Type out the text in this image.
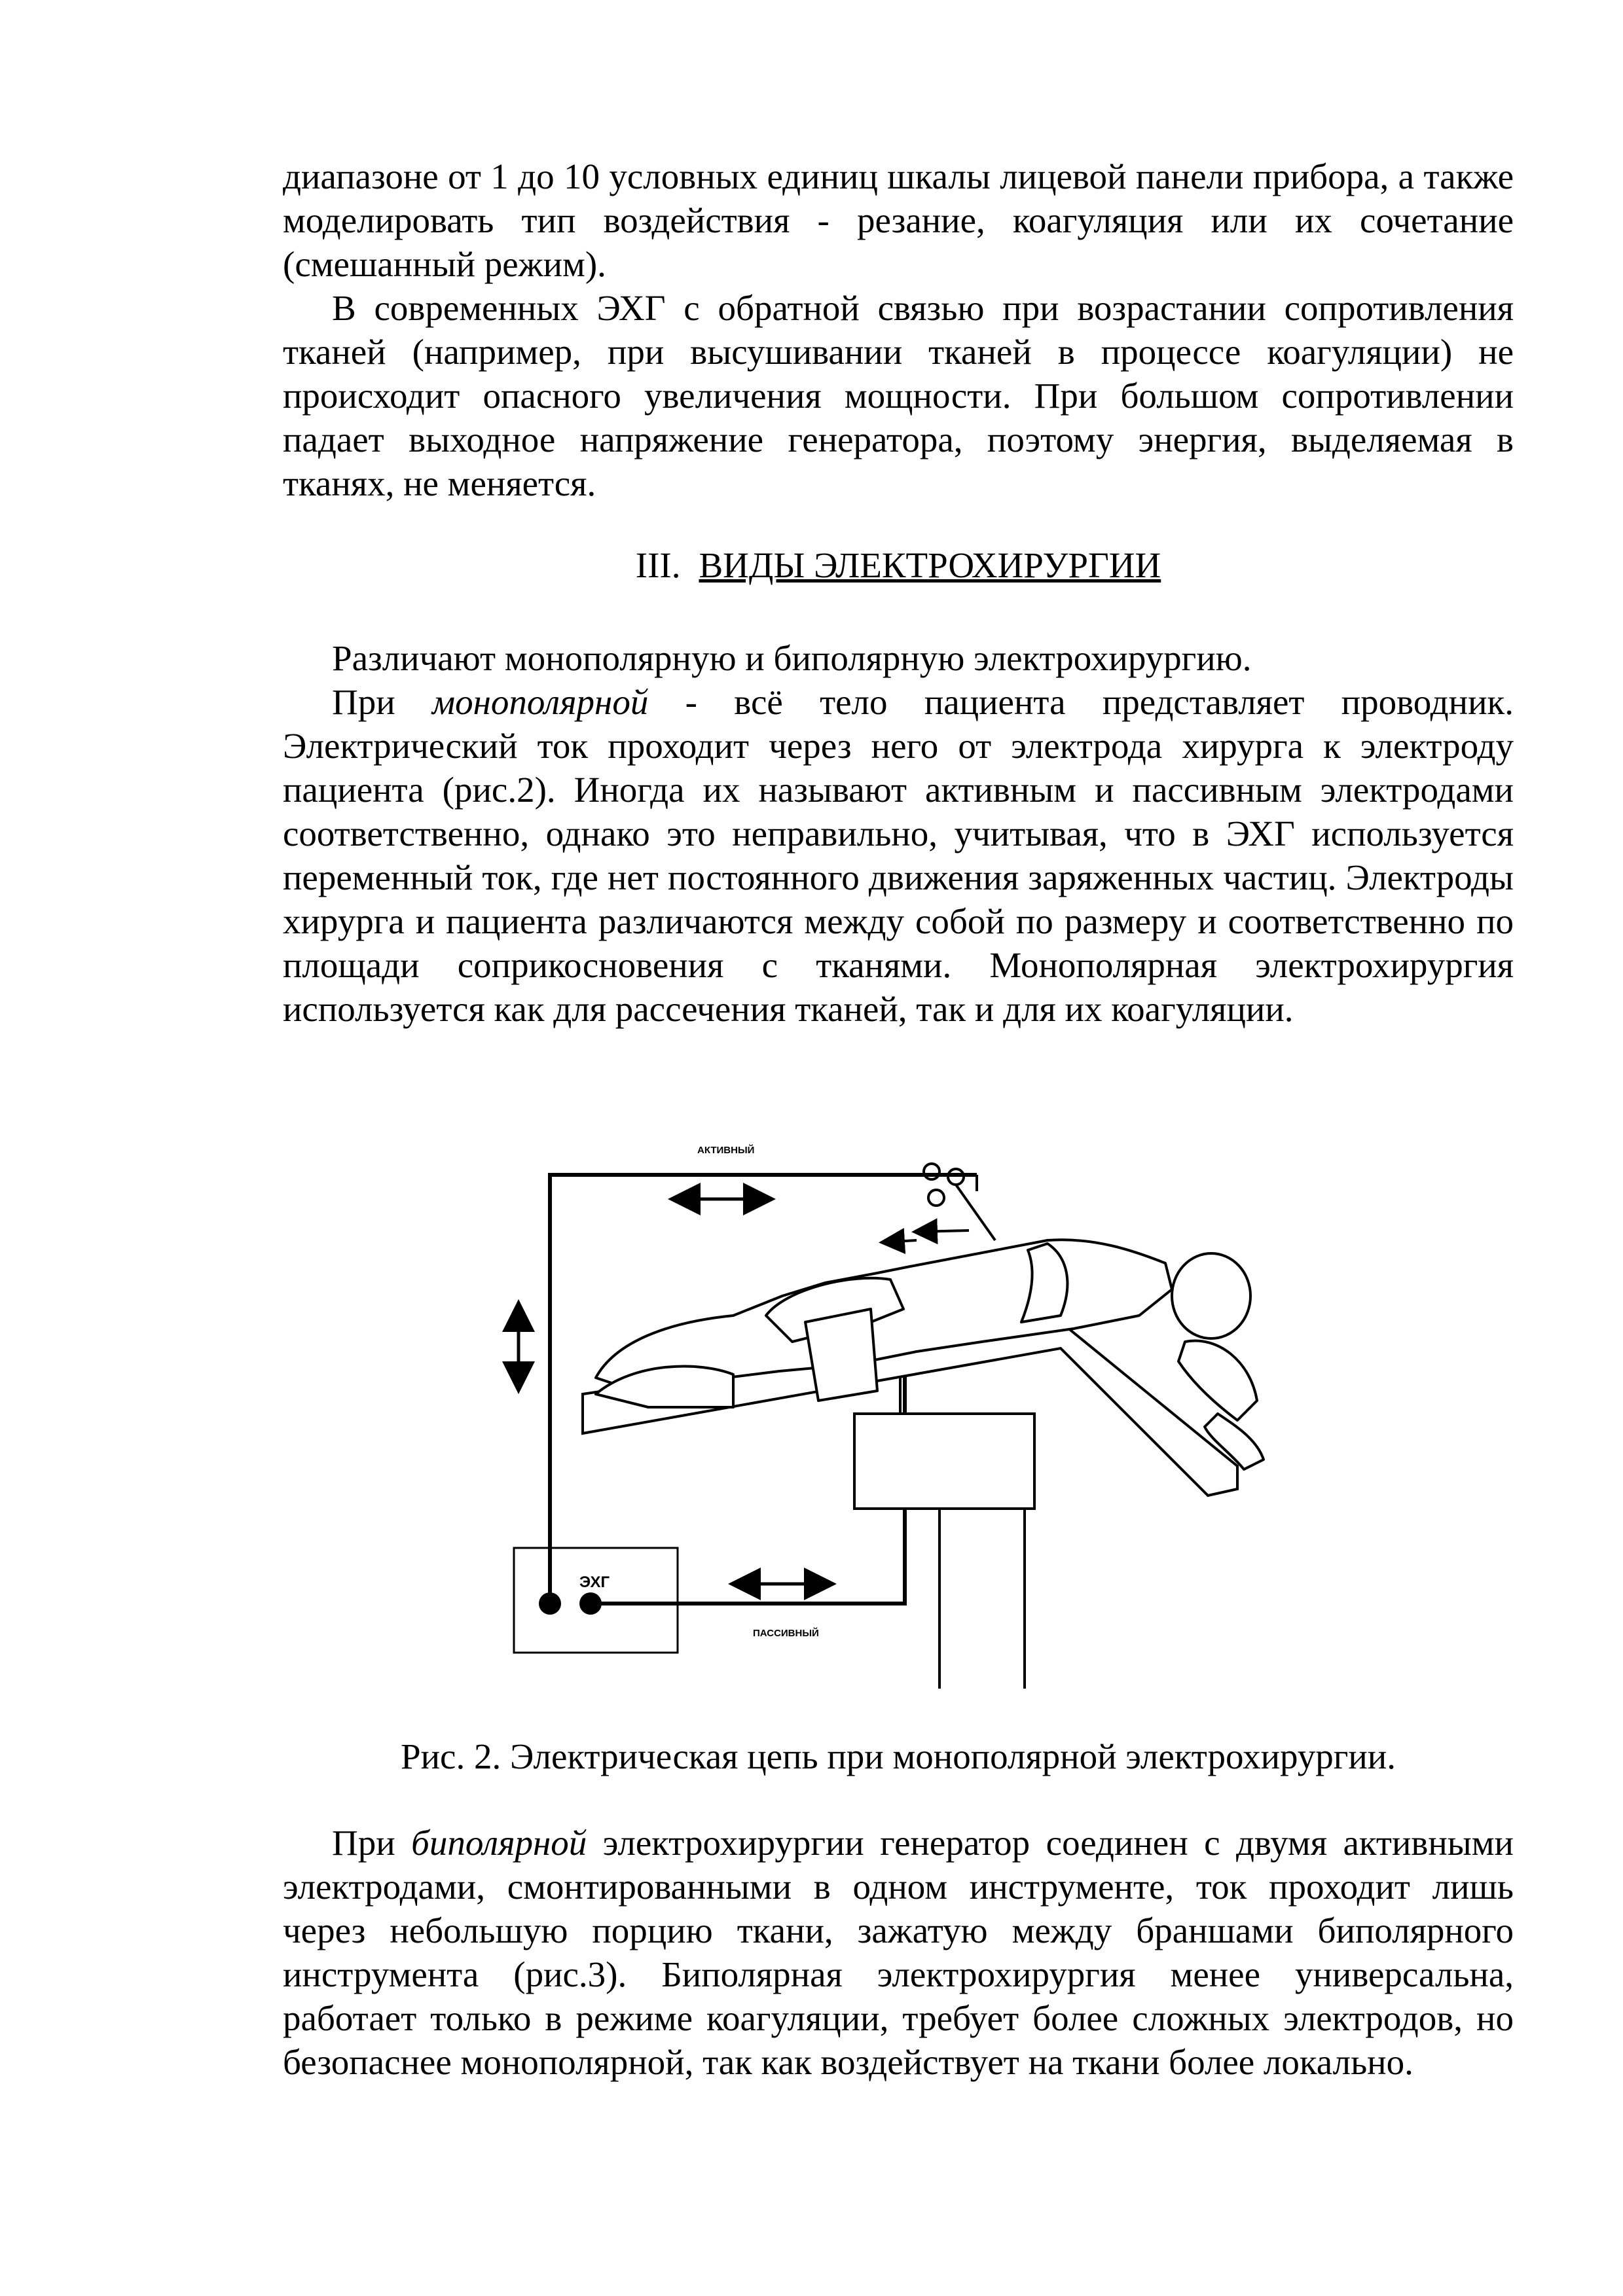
диапазоне от 1 до 10 условных единиц шкалы лицевой панели прибора, а также моделировать тип воздействия - резание, коагуляция или их сочетание (смешанный режим).

В современных ЭХГ с обратной связью при возрастании сопротивления тканей (например, при высушивании тканей в процессе коагуляции) не происходит опасного увеличения мощности. При большом сопротивлении падает выходное напряжение генератора, поэтому энергия, выделяемая в тканях, не меняется.

III. ВИДЫ ЭЛЕКТРОХИРУРГИИ

Различают монополярную и биполярную электрохирургию.

При монополярной - всё тело пациента представляет проводник. Электрический ток проходит через него от электрода хирурга к электроду пациента (рис.2). Иногда их называют активным и пассивным электродами соответственно, однако это неправильно, учитывая, что в ЭХГ используется переменный ток, где нет постоянного движения заряженных частиц. Электроды хирурга и пациента различаются между собой по размеру и соответственно по площади соприкосновения с тканями. Монополярная электрохирургия используется как для рассечения тканей, так и для их коагуляции.

АКТИВНЫЙ
ЭХГ
ПАССИВНЫЙ
Рис. 2. Электрическая цепь при монополярной электрохирургии.

При биполярной электрохирургии генератор соединен с двумя активными электродами, смонтированными в одном инструменте, ток проходит лишь через небольшую порцию ткани, зажатую между браншами биполярного инструмента (рис.3). Биполярная электрохирургия менее универсальна, работает только в режиме коагуляции, требует более сложных электродов, но безопаснее монополярной, так как воздействует на ткани более локально.
